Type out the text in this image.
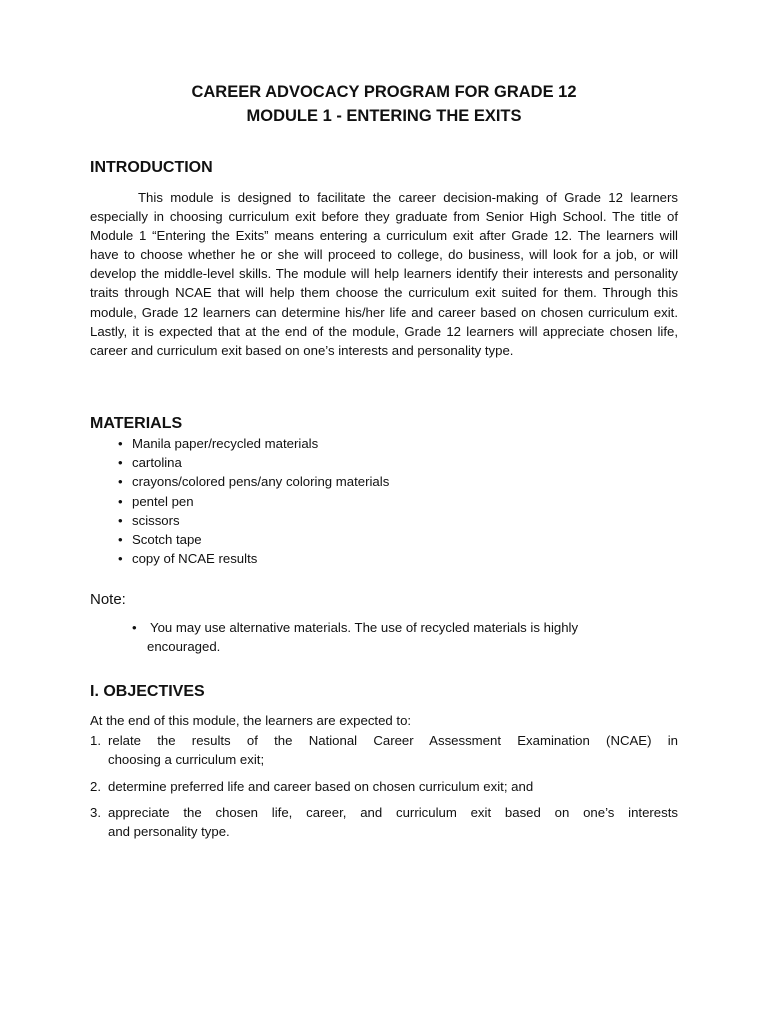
CAREER ADVOCACY PROGRAM FOR GRADE 12
MODULE 1 - ENTERING THE EXITS
INTRODUCTION
This module is designed to facilitate the career decision-making of Grade 12 learners especially in choosing curriculum exit before they graduate from Senior High School. The title of Module 1 “Entering the Exits” means entering a curriculum exit after Grade 12. The learners will have to choose whether he or she will proceed to college, do business, will look for a job, or will develop the middle-level skills. The module will help learners identify their interests and personality traits through NCAE that will help them choose the curriculum exit suited for them. Through this module, Grade 12 learners can determine his/her life and career based on chosen curriculum exit. Lastly, it is expected that at the end of the module, Grade 12 learners will appreciate chosen life, career and curriculum exit based on one’s interests and personality type.
MATERIALS
• Manila paper/recycled materials
• cartolina
• crayons/colored pens/any coloring materials
• pentel pen
• scissors
• Scotch tape
• copy of NCAE results
Note:
• You may use alternative materials. The use of recycled materials is highly
encouraged.
I. OBJECTIVES
At the end of this module, the learners are expected to:
1. relate the results of the National Career Assessment Examination (NCAE) in
choosing a curriculum exit;
2. determine preferred life and career based on chosen curriculum exit; and
3. appreciate the chosen life, career, and curriculum exit based on one’s interests
and personality type.
